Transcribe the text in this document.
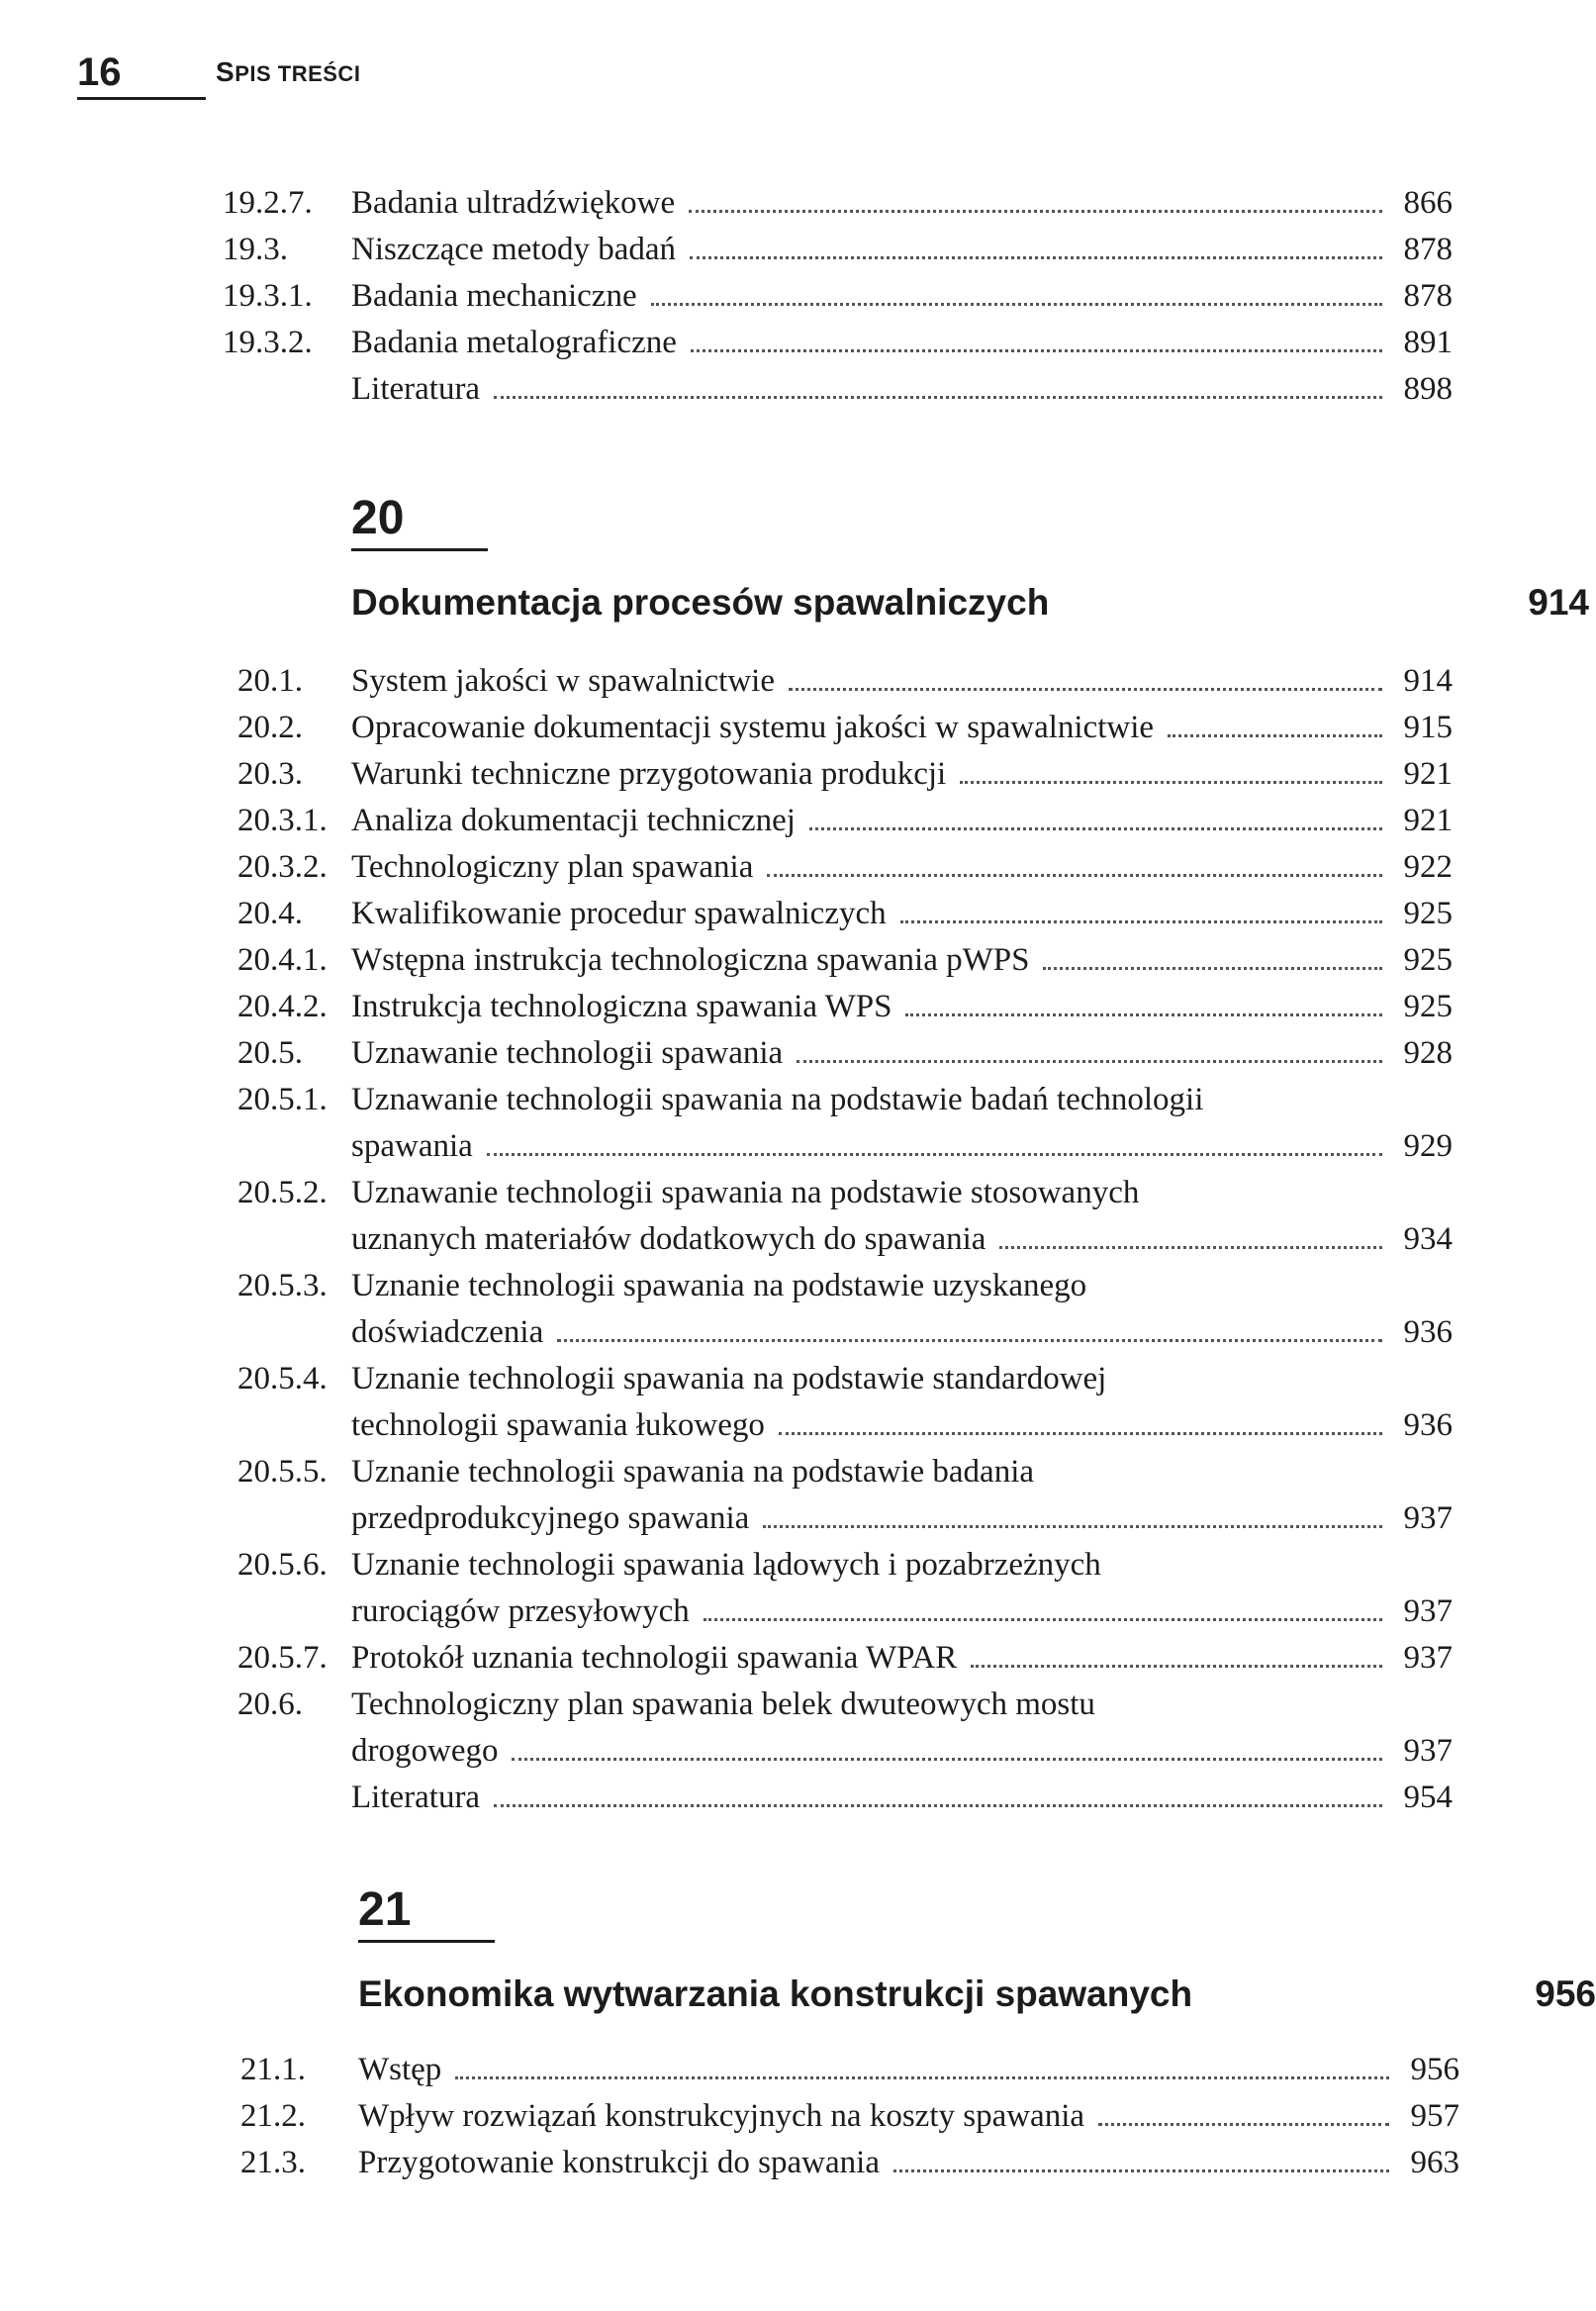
16	SPIS TREŚCI
19.2.7. Badania ultradźwiękowe	866
19.3. Niszczące metody badań	878
19.3.1. Badania mechaniczne	878
19.3.2. Badania metalograficzne	891
Literatura	898
20
Dokumentacja procesów spawalniczych	914
20.1. System jakości w spawalnictwie	914
20.2. Opracowanie dokumentacji systemu jakości w spawalnictwie	915
20.3. Warunki techniczne przygotowania produkcji	921
20.3.1. Analiza dokumentacji technicznej	921
20.3.2. Technologiczny plan spawania	922
20.4. Kwalifikowanie procedur spawalniczych	925
20.4.1. Wstępna instrukcja technologiczna spawania pWPS	925
20.4.2. Instrukcja technologiczna spawania WPS	925
20.5. Uznawanie technologii spawania	928
20.5.1. Uznawanie technologii spawania na podstawie badań technologii
spawania	929
20.5.2. Uznawanie technologii spawania na podstawie stosowanych
uznanych materiałów dodatkowych do spawania	934
20.5.3. Uznanie technologii spawania na podstawie uzyskanego
doświadczenia	936
20.5.4. Uznanie technologii spawania na podstawie standardowej
technologii spawania łukowego	936
20.5.5. Uznanie technologii spawania na podstawie badania
przedprodukcyjnego spawania	937
20.5.6. Uznanie technologii spawania lądowych i pozabrzeżnych
rurociągów przesyłowych	937
20.5.7. Protokół uznania technologii spawania WPAR	937
20.6. Technologiczny plan spawania belek dwuteowych mostu
drogowego	937
Literatura	954
21
Ekonomika wytwarzania konstrukcji spawanych	956
21.1. Wstęp	956
21.2. Wpływ rozwiązań konstrukcyjnych na koszty spawania	957
21.3. Przygotowanie konstrukcji do spawania	963
